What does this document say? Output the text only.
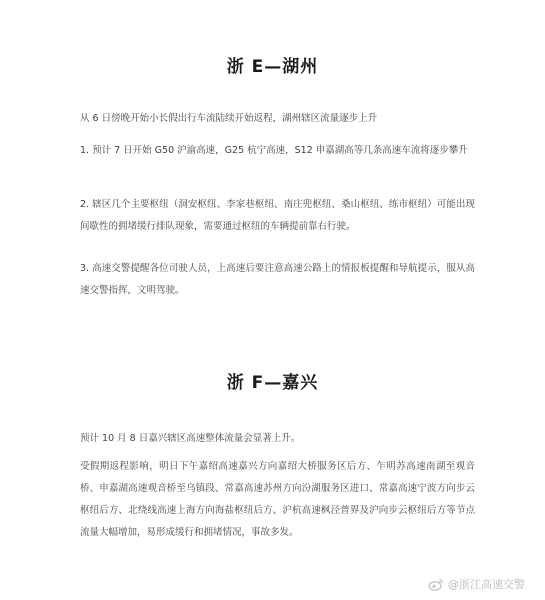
浙 E—湖州
从 6 日傍晚开始小长假出行车流陆续开始返程，湖州辖区流量逐步上升
1. 预计 7 日开始 G50 沪渝高速，G25 杭宁高速，S12 申嘉湖高等几条高速车流将逐步攀升
2. 辖区几个主要枢纽（洞安枢纽、李家巷枢纽、南庄兜枢纽、桑山枢纽、练市枢纽）可能出现间歇性的拥堵缓行排队现象，需要通过枢纽的车辆提前靠右行驶。
3. 高速交警提醒各位司驶人员，上高速后要注意高速公路上的情报板提醒和导航提示，服从高速交警指挥，文明驾驶。
浙 F—嘉兴
预计 10 月 8 日嘉兴辖区高速整体流量会显著上升。
受假期返程影响，明日下午嘉绍高速嘉兴方向嘉绍大桥服务区后方、乍明苏高速南湖至观音桥、申嘉湖高速观音桥至乌镇段、常嘉高速苏州方向汾湖服务区进口、常嘉高速宁波方向步云枢纽后方、北绕线高速上海方向海盐枢纽后方、沪杭高速枫泾普界及沪向步云枢纽后方等节点流量大幅增加，易形成缓行和拥堵情况，事故多发。
@浙江高速交警
